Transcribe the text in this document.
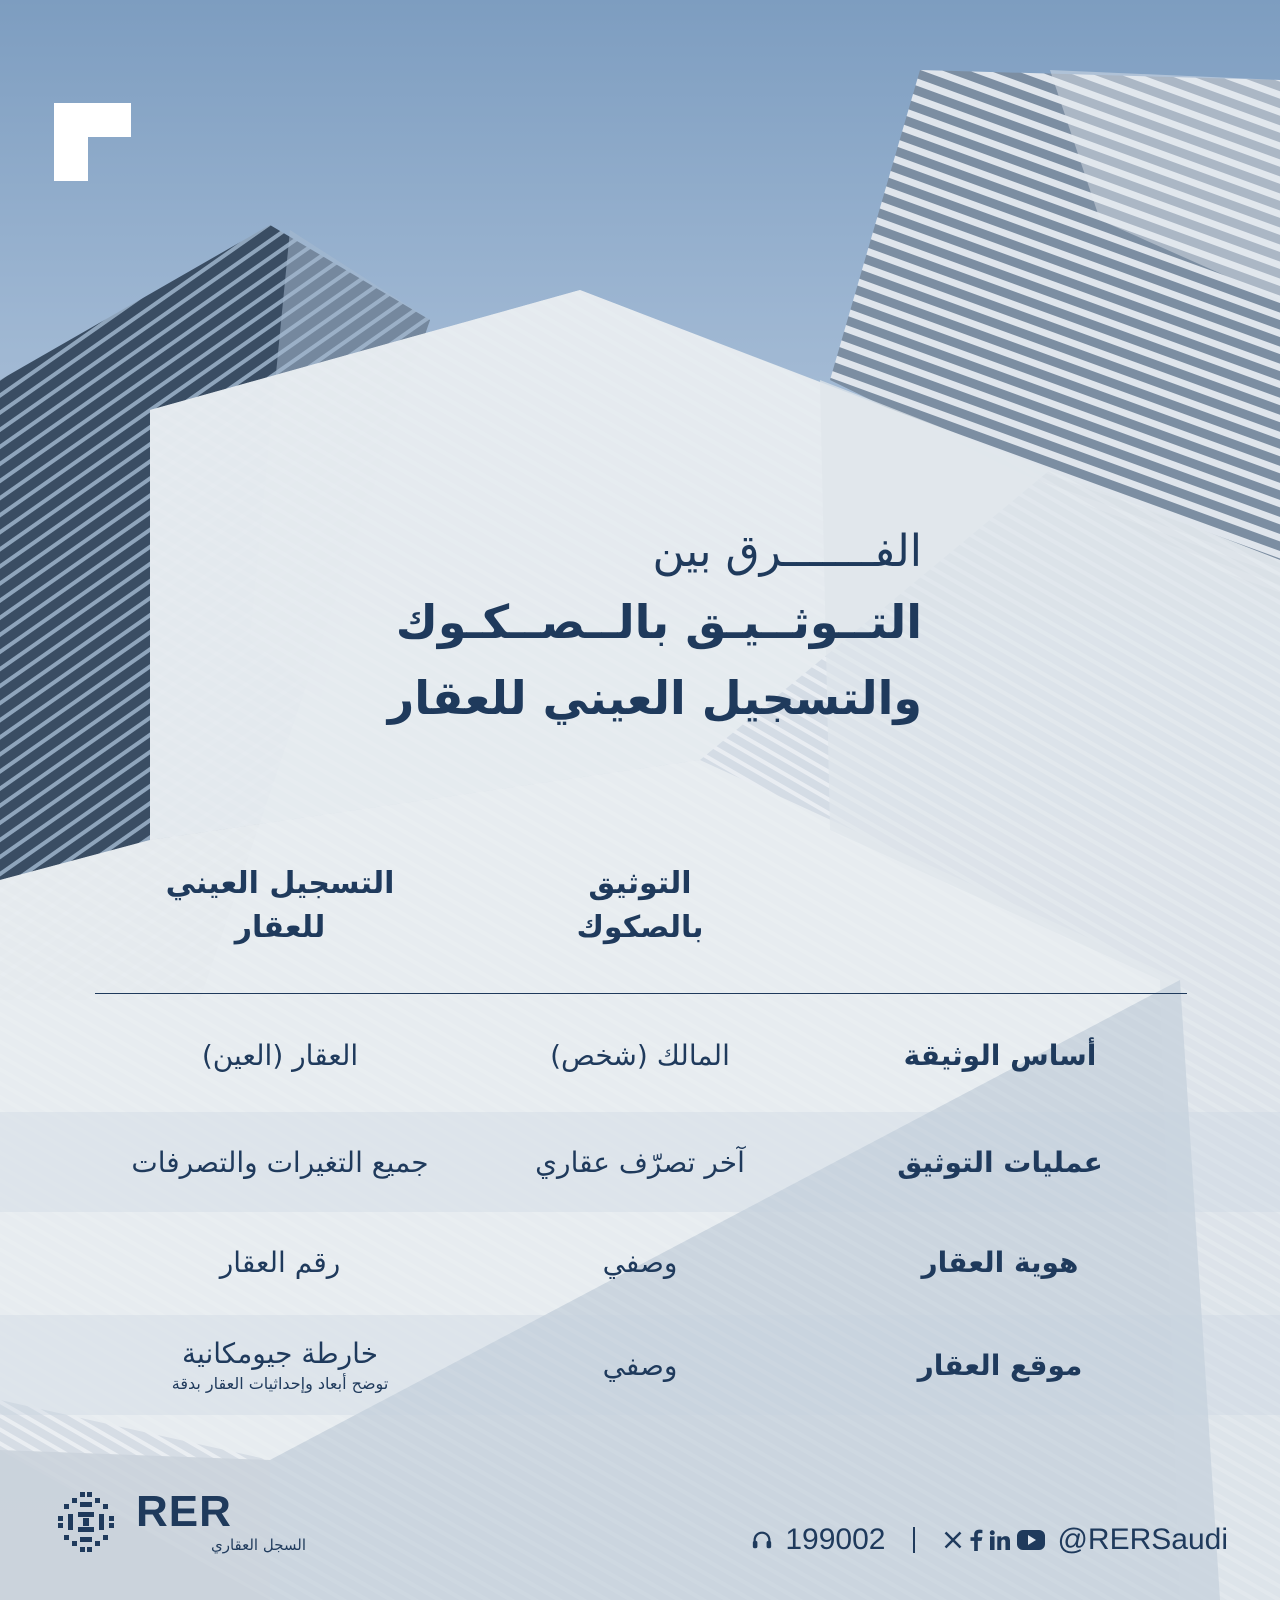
الفـــــــرق بين
التــوثــيـق بالــصــكـوك
والتسجيل العيني للعقار
التوثيق
بالصكوك
التسجيل العيني
للعقار
أساس الوثيقة
المالك (شخص)
العقار (العين)
عمليات التوثيق
آخر تصرّف عقاري
جميع التغيرات والتصرفات
هوية العقار
وصفي
رقم العقار
موقع العقار
وصفي
خارطة جيومكانية
توضح أبعاد وإحداثيات العقار بدقة
RER
السجل العقاري	199002	@RERSaudi
